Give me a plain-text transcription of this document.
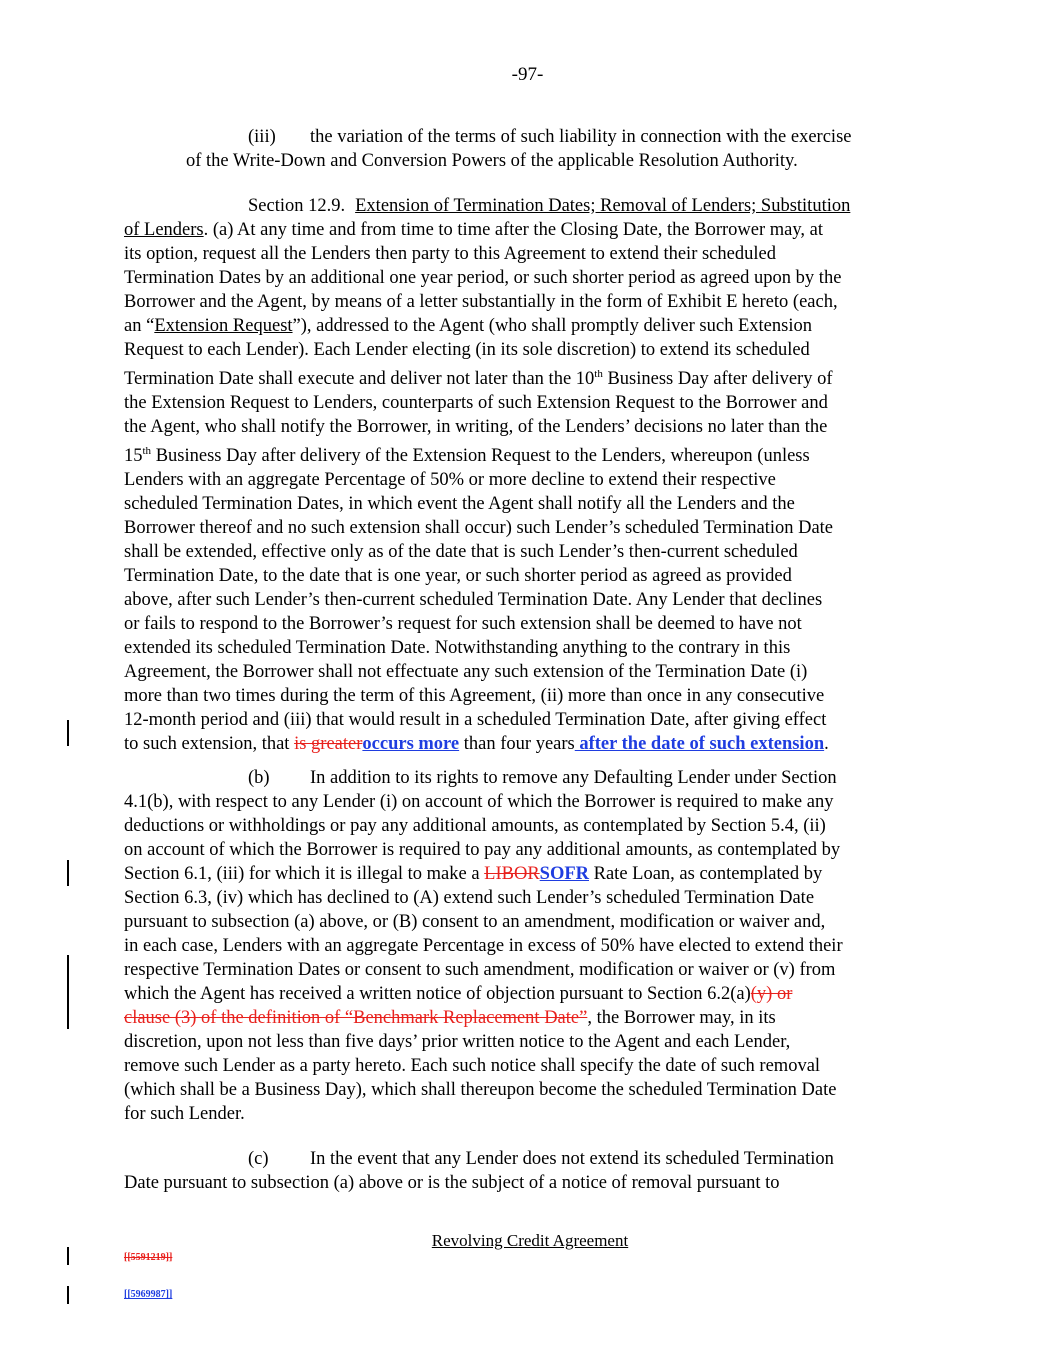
-97-
(iii) the variation of the terms of such liability in connection with the exercise
of the Write-Down and Conversion Powers of the applicable Resolution Authority.
Section 12.9. Extension of Termination Dates; Removal of Lenders; Substitution
of Lenders. (a) At any time and from time to time after the Closing Date, the Borrower may, at
its option, request all the Lenders then party to this Agreement to extend their scheduled
Termination Dates by an additional one year period, or such shorter period as agreed upon by the
Borrower and the Agent, by means of a letter substantially in the form of Exhibit E hereto (each,
an “Extension Request”), addressed to the Agent (who shall promptly deliver such Extension
Request to each Lender). Each Lender electing (in its sole discretion) to extend its scheduled
Termination Date shall execute and deliver not later than the 10th Business Day after delivery of
the Extension Request to Lenders, counterparts of such Extension Request to the Borrower and
the Agent, who shall notify the Borrower, in writing, of the Lenders’ decisions no later than the
15th Business Day after delivery of the Extension Request to the Lenders, whereupon (unless
Lenders with an aggregate Percentage of 50% or more decline to extend their respective
scheduled Termination Dates, in which event the Agent shall notify all the Lenders and the
Borrower thereof and no such extension shall occur) such Lender’s scheduled Termination Date
shall be extended, effective only as of the date that is such Lender’s then-current scheduled
Termination Date, to the date that is one year, or such shorter period as agreed as provided
above, after such Lender’s then-current scheduled Termination Date. Any Lender that declines
or fails to respond to the Borrower’s request for such extension shall be deemed to have not
extended its scheduled Termination Date. Notwithstanding anything to the contrary in this
Agreement, the Borrower shall not effectuate any such extension of the Termination Date (i)
more than two times during the term of this Agreement, (ii) more than once in any consecutive
12-month period and (iii) that would result in a scheduled Termination Date, after giving effect
to such extension, that is greateroccurs more than four years after the date of such extension.
(b) In addition to its rights to remove any Defaulting Lender under Section
4.1(b), with respect to any Lender (i) on account of which the Borrower is required to make any
deductions or withholdings or pay any additional amounts, as contemplated by Section 5.4, (ii)
on account of which the Borrower is required to pay any additional amounts, as contemplated by
Section 6.1, (iii) for which it is illegal to make a LIBORSOFR Rate Loan, as contemplated by
Section 6.3, (iv) which has declined to (A) extend such Lender’s scheduled Termination Date
pursuant to subsection (a) above, or (B) consent to an amendment, modification or waiver and,
in each case, Lenders with an aggregate Percentage in excess of 50% have elected to extend their
respective Termination Dates or consent to such amendment, modification or waiver or (v) from
which the Agent has received a written notice of objection pursuant to Section 6.2(a)(y) or
clause (3) of the definition of “Benchmark Replacement Date”, the Borrower may, in its
discretion, upon not less than five days’ prior written notice to the Agent and each Lender,
remove such Lender as a party hereto. Each such notice shall specify the date of such removal
(which shall be a Business Day), which shall thereupon become the scheduled Termination Date
for such Lender.
(c) In the event that any Lender does not extend its scheduled Termination
Date pursuant to subsection (a) above or is the subject of a notice of removal pursuant to
Revolving Credit Agreement
[[5591219]]
[[5969987]]
